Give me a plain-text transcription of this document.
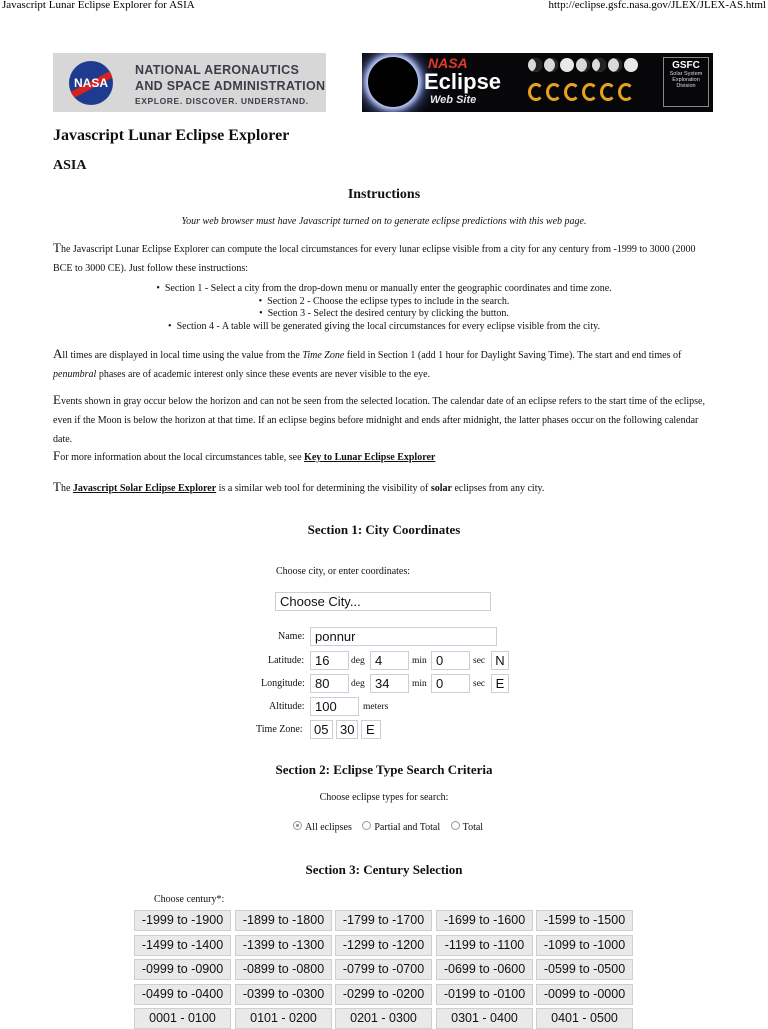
Javascript Lunar Eclipse Explorer for ASIA	http://eclipse.gsfc.nasa.gov/JLEX/JLEX-AS.html
NASA
NATIONAL AERONAUTICS
AND SPACE ADMINISTRATION
EXPLORE. DISCOVER. UNDERSTAND.
NASA
Eclipse
Web Site
GSFC
Solar System Exploration Division
Javascript Lunar Eclipse Explorer
ASIA
Instructions
Your web browser must have Javascript turned on to generate eclipse predictions with this web page.

The Javascript Lunar Eclipse Explorer can compute the local circumstances for every lunar eclipse visible from a city for any century from -1999 to 3000 (2000 BCE to 3000 CE). Just follow these instructions:

•  Section 1 - Select a city from the drop-down menu or manually enter the geographic coordinates and time zone.
•  Section 2 - Choose the eclipse types to include in the search.
•  Section 3 - Select the desired century by clicking the button.
•  Section 4 - A table will be generated giving the local circumstances for every eclipse visible from the city.

All times are displayed in local time using the value from the Time Zone field in Section 1 (add 1 hour for Daylight Saving Time). The start and end times of penumbral phases are of academic interest only since these events are never visible to the eye.

Events shown in gray occur below the horizon and can not be seen from the selected location. The calendar date of an eclipse refers to the start time of the eclipse, even if the Moon is below the horizon at that time. If an eclipse begins before midnight and ends after midnight, the latter phases occur on the following calendar date.

For more information about the local circumstances table, see Key to Lunar Eclipse Explorer

The Javascript Solar Eclipse Explorer is a similar web tool for determining the visibility of solar eclipses from any city.

Section 1: City Coordinates
Choose city, or enter coordinates:
Choose City...
Name: ponnur
Latitude: 16	deg 4	min 0	sec N
Longitude: 80	deg 34	min 0	sec E
Altitude: 100	meters
Time Zone: 05 30 E
Section 2: Eclipse Type Search Criteria
Choose eclipse types for search:
All eclipses Partial and Total Total
Section 3: Century Selection
Choose century*:
-1999 to -1900	-1899 to -1800	-1799 to -1700	-1699 to -1600	-1599 to -1500
-1499 to -1400	-1399 to -1300	-1299 to -1200	-1199 to -1100	-1099 to -1000
-0999 to -0900	-0899 to -0800	-0799 to -0700	-0699 to -0600	-0599 to -0500
-0499 to -0400	-0399 to -0300	-0299 to -0200	-0199 to -0100	-0099 to -0000
0001 - 0100	0101 - 0200	0201 - 0300	0301 - 0400	0401 - 0500
